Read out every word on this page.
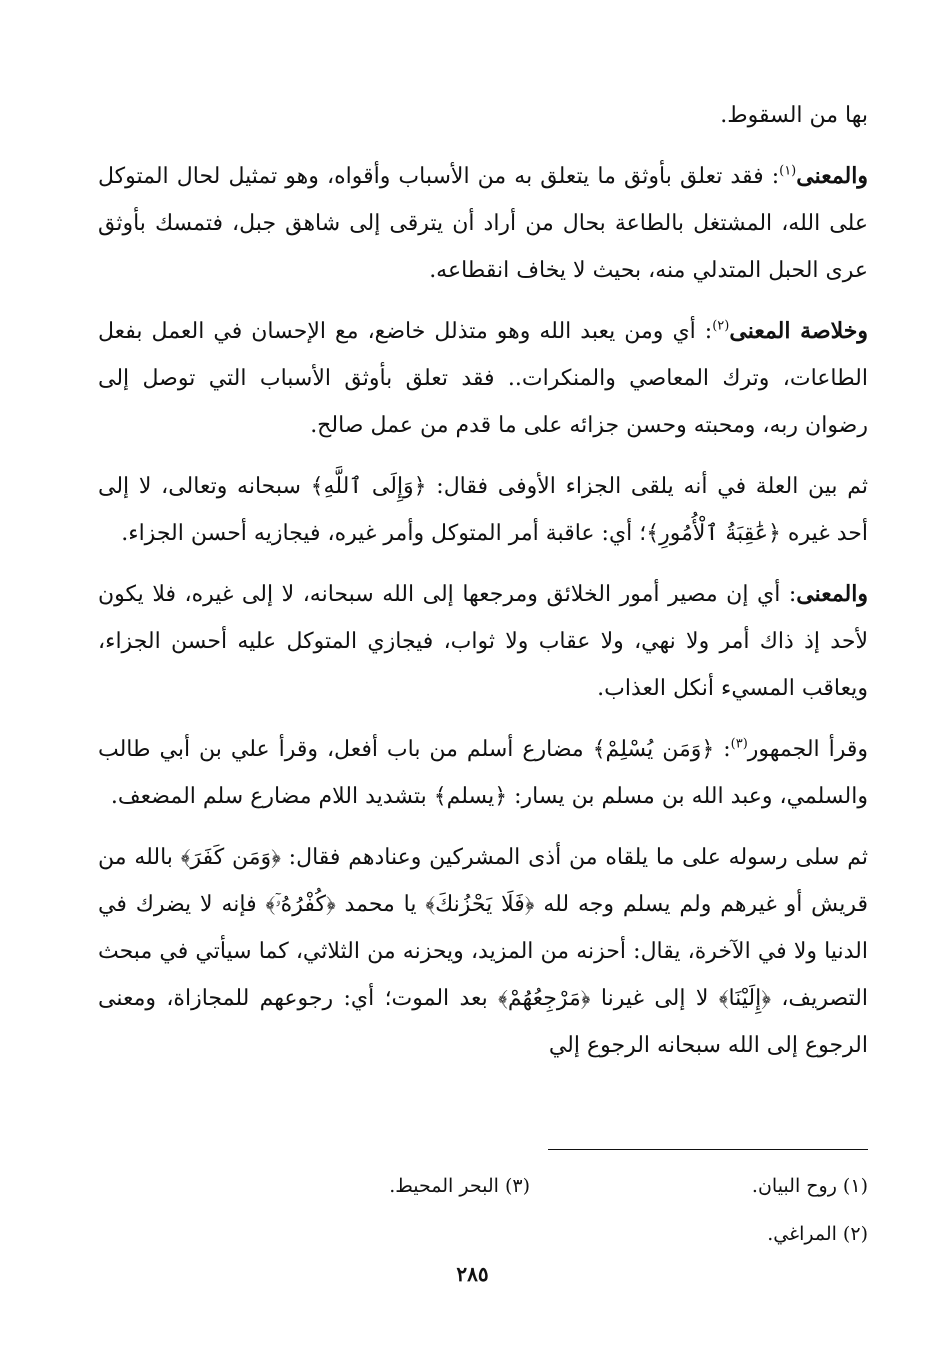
بها من السقوط.

والمعنى$^{(١)}$: فقد تعلق بأوثق ما يتعلق به من الأسباب وأقواه، وهو تمثيل لحال المتوكل على الله، المشتغل بالطاعة بحال من أراد أن يترقى إلى شاهق جبل، فتمسك بأوثق عرى الحبل المتدلي منه، بحيث لا يخاف انقطاعه.

وخلاصة المعنى$^{(٢)}$: أي ومن يعبد الله وهو متذلل خاضع، مع الإحسان في العمل بفعل الطاعات، وترك المعاصي والمنكرات.. فقد تعلق بأوثق الأسباب التي توصل إلى رضوان ربه، ومحبته وحسن جزائه على ما قدم من عمل صالح.

ثم بين العلة في أنه يلقى الجزاء الأوفى فقال: ﴿وَإِلَى ٱللَّهِ﴾ سبحانه وتعالى، لا إلى أحد غيره ﴿عَٰقِبَةُ ٱلْأُمُورِ﴾؛ أي: عاقبة أمر المتوكل وأمر غيره، فيجازيه أحسن الجزاء.

والمعنى: أي إن مصير أمور الخلائق ومرجعها إلى الله سبحانه، لا إلى غيره، فلا يكون لأحد إذ ذاك أمر ولا نهي، ولا عقاب ولا ثواب، فيجازي المتوكل عليه أحسن الجزاء، ويعاقب المسيء أنكل العذاب.

وقرأ الجمهور$^{(٣)}$: ﴿وَمَن يُسْلِمْ﴾ مضارع أسلم من باب أفعل، وقرأ علي بن أبي طالب والسلمي، وعبد الله بن مسلم بن يسار: ﴿يسلم﴾ بتشديد اللام مضارع سلم المضعف.

ثم سلى رسوله على ما يلقاه من أذى المشركين وعنادهم فقال: ﴿وَمَن كَفَرَ﴾ بالله من قريش أو غيرهم ولم يسلم وجه لله ﴿فَلَا يَحْزُنكَ﴾ يا محمد ﴿كُفْرُهُۥٓ﴾ فإنه لا يضرك في الدنيا ولا في الآخرة، يقال: أحزنه من المزيد، ويحزنه من الثلاثي، كما سيأتي في مبحث التصريف، ﴿إِلَيْنَا﴾ لا إلى غيرنا ﴿مَرْجِعُهُمْ﴾ بعد الموت؛ أي: رجوعهم للمجازاة، ومعنى الرجوع إلى الله سبحانه الرجوع إلي

(١) روح البيان.
(٣) البحر المحيط.
(٢) المراغي.
٢٨٥
